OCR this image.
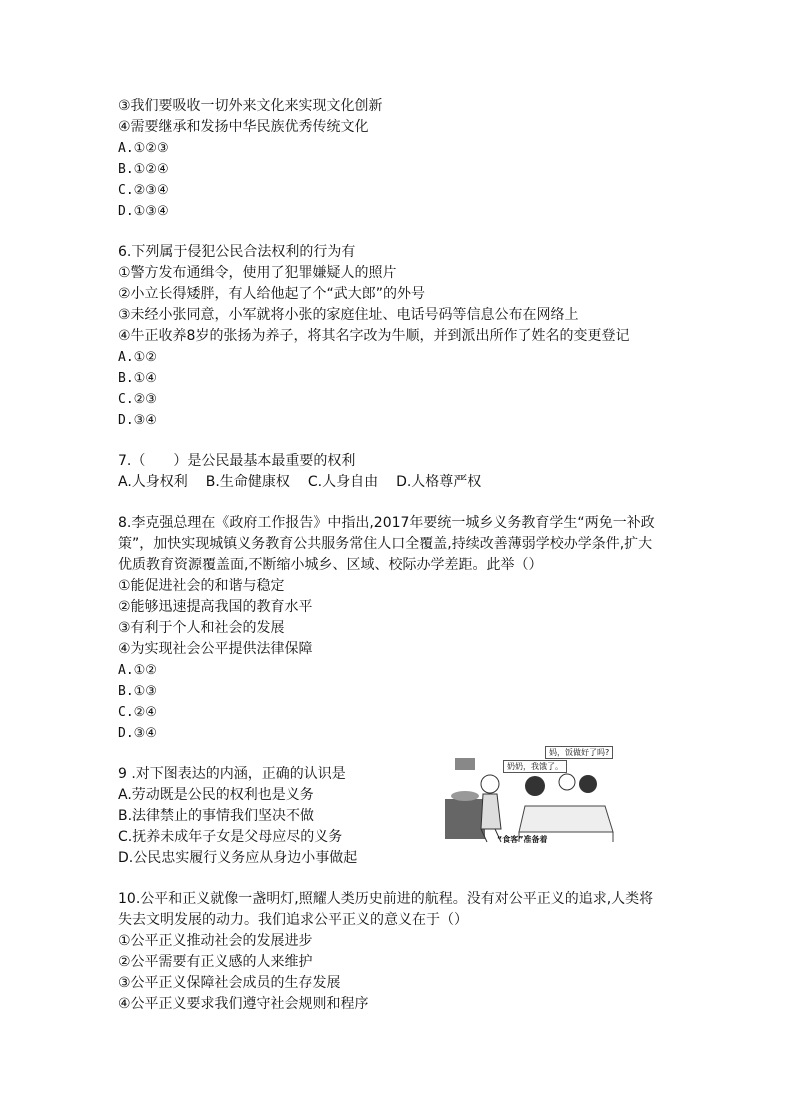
③我们要吸收一切外来文化来实现文化创新
④需要继承和发扬中华民族优秀传统文化
A.①②③
B.①②④
C.②③④
D.①③④
6.下列属于侵犯公民合法权利的行为有
①警方发布通缉令，使用了犯罪嫌疑人的照片
②小立长得矮胖，有人给他起了个“武大郎”的外号
③未经小张同意，小军就将小张的家庭住址、电话号码等信息公布在网络上
④牛正收养8岁的张扬为养子，将其名字改为牛顺，并到派出所作了姓名的变更登记
A.①②
B.①④
C.②③
D.③④
7.（　　）是公民最基本最重要的权利
A.人身权利 B.生命健康权 C.人身自由 D.人格尊严权
8.李克强总理在《政府工作报告》中指出,2017年要统一城乡义务教育学生“两免一补政
策”，加快实现城镇义务教育公共服务常住人口全覆盖,持续改善薄弱学校办学条件,扩大
优质教育资源覆盖面,不断缩小城乡、区域、校际办学差距。此举（）
①能促进社会的和谐与稳定
②能够迅速提高我国的教育水平
③有利于个人和社会的发展
④为实现社会公平提供法律保障
A.①②
B.①③
C.②④
D.③④
9 .对下图表达的内涵，正确的认识是
A.劳动既是公民的权利也是义务
B.法律禁止的事情我们坚决不做
C.抚养未成年子女是父母应尽的义务
D.公民忠实履行义务应从身边小事做起
10.公平和正义就像一盏明灯,照耀人类历史前进的航程。没有对公平正义的追求,人类将
失去文明发展的动力。我们追求公平正义的意义在于（）
①公平正义推动社会的发展进步
②公平需要有正义感的人来维护
③公平正义保障社会成员的生存发展
④公平正义要求我们遵守社会规则和程序
妈，饭做好了吗?
奶奶，我饿了。
“食客”准备着
